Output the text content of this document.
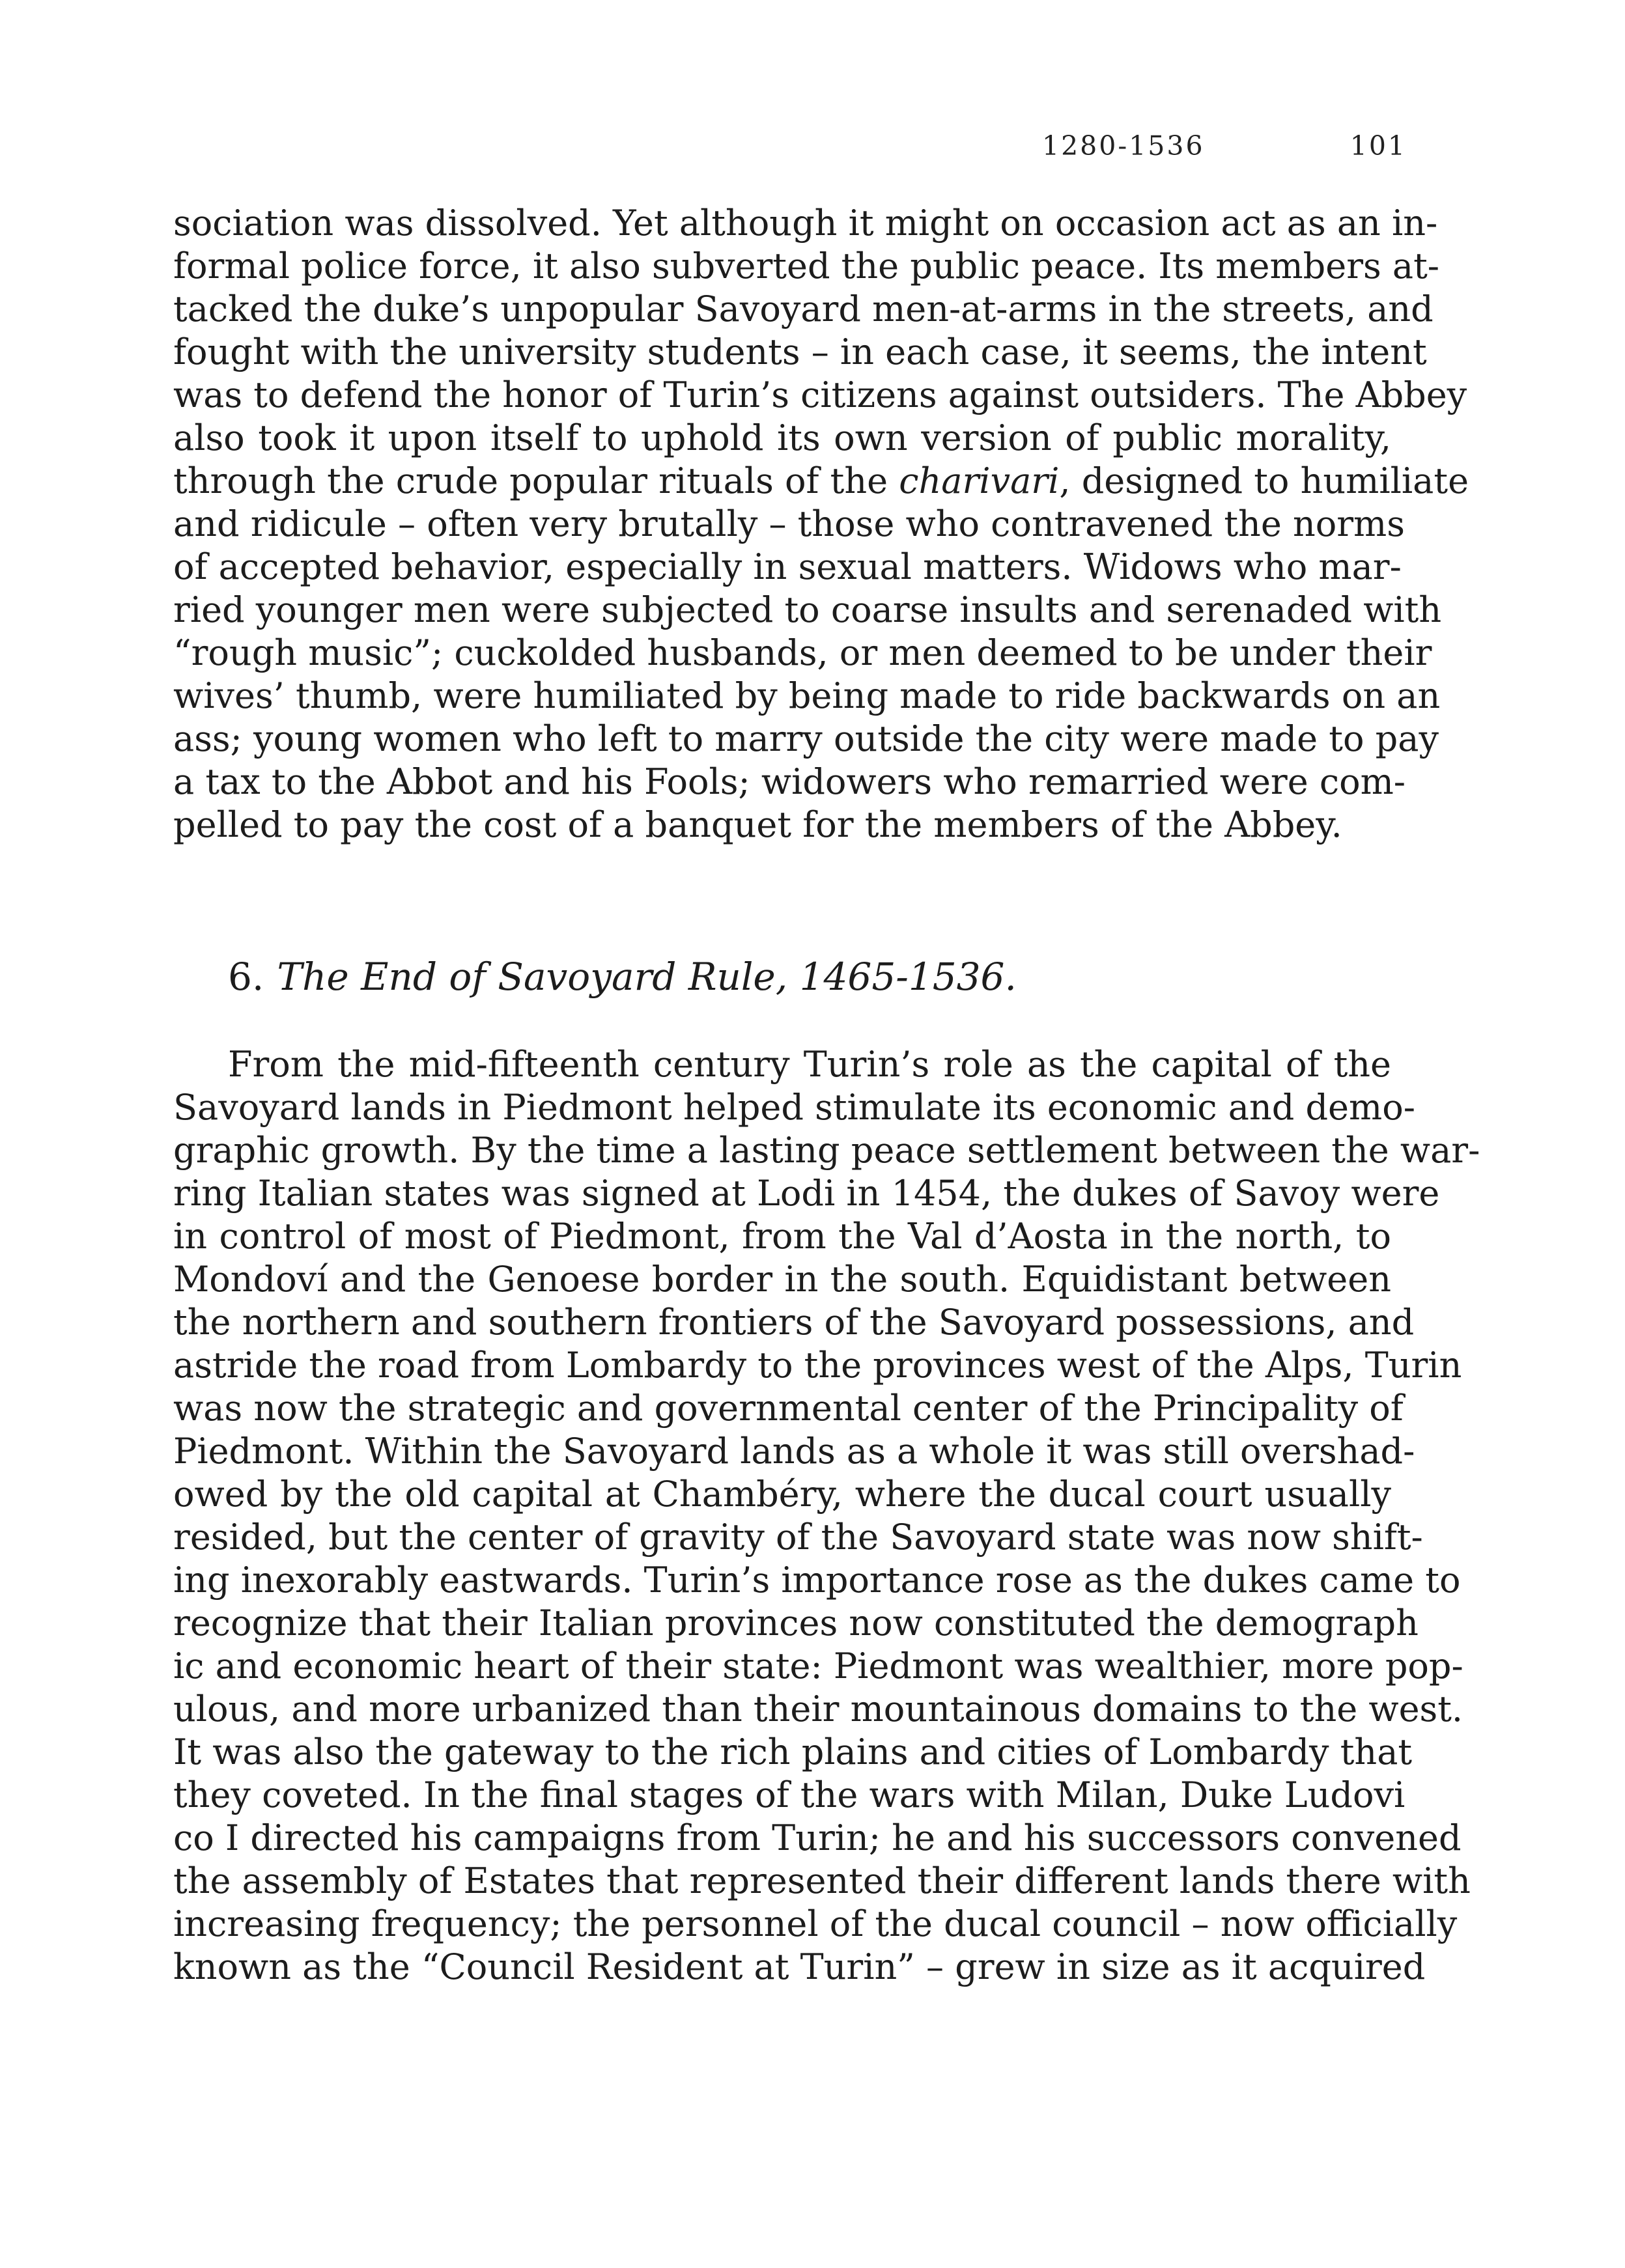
1280-1536	101
sociation was dissolved. Yet although it might on occasion act as an in-
formal police force, it also subverted the public peace. Its members at-
tacked the duke’s unpopular Savoyard men-at-arms in the streets, and
fought with the university students – in each case, it seems, the intent
was to defend the honor of Turin’s citizens against outsiders. The Abbey
also took it upon itself to uphold its own version of public morality,
through the crude popular rituals of the charivari, designed to humiliate
and ridicule – often very brutally – those who contravened the norms
of accepted behavior, especially in sexual matters. Widows who mar-
ried younger men were subjected to coarse insults and serenaded with
“rough music”; cuckolded husbands, or men deemed to be under their
wives’ thumb, were humiliated by being made to ride backwards on an
ass; young women who left to marry outside the city were made to pay
a tax to the Abbot and his Fools; widowers who remarried were com-
pelled to pay the cost of a banquet for the members of the Abbey.
6. The End of Savoyard Rule, 1465-1536.
From the mid-fifteenth century Turin’s role as the capital of the
Savoyard lands in Piedmont helped stimulate its economic and demo-
graphic growth. By the time a lasting peace settlement between the war-
ring Italian states was signed at Lodi in 1454, the dukes of Savoy were
in control of most of Piedmont, from the Val d’Aosta in the north, to
Mondoví and the Genoese border in the south. Equidistant between
the northern and southern frontiers of the Savoyard possessions, and
astride the road from Lombardy to the provinces west of the Alps, Turin
was now the strategic and governmental center of the Principality of
Piedmont. Within the Savoyard lands as a whole it was still overshad-
owed by the old capital at Chambéry, where the ducal court usually
resided, but the center of gravity of the Savoyard state was now shift-
ing inexorably eastwards. Turin’s importance rose as the dukes came to
recognize that their Italian provinces now constituted the demograph
ic and economic heart of their state: Piedmont was wealthier, more pop-
ulous, and more urbanized than their mountainous domains to the west.
It was also the gateway to the rich plains and cities of Lombardy that
they coveted. In the final stages of the wars with Milan, Duke Ludovi
co I directed his campaigns from Turin; he and his successors convened
the assembly of Estates that represented their different lands there with
increasing frequency; the personnel of the ducal council – now officially
known as the “Council Resident at Turin” – grew in size as it acquired
